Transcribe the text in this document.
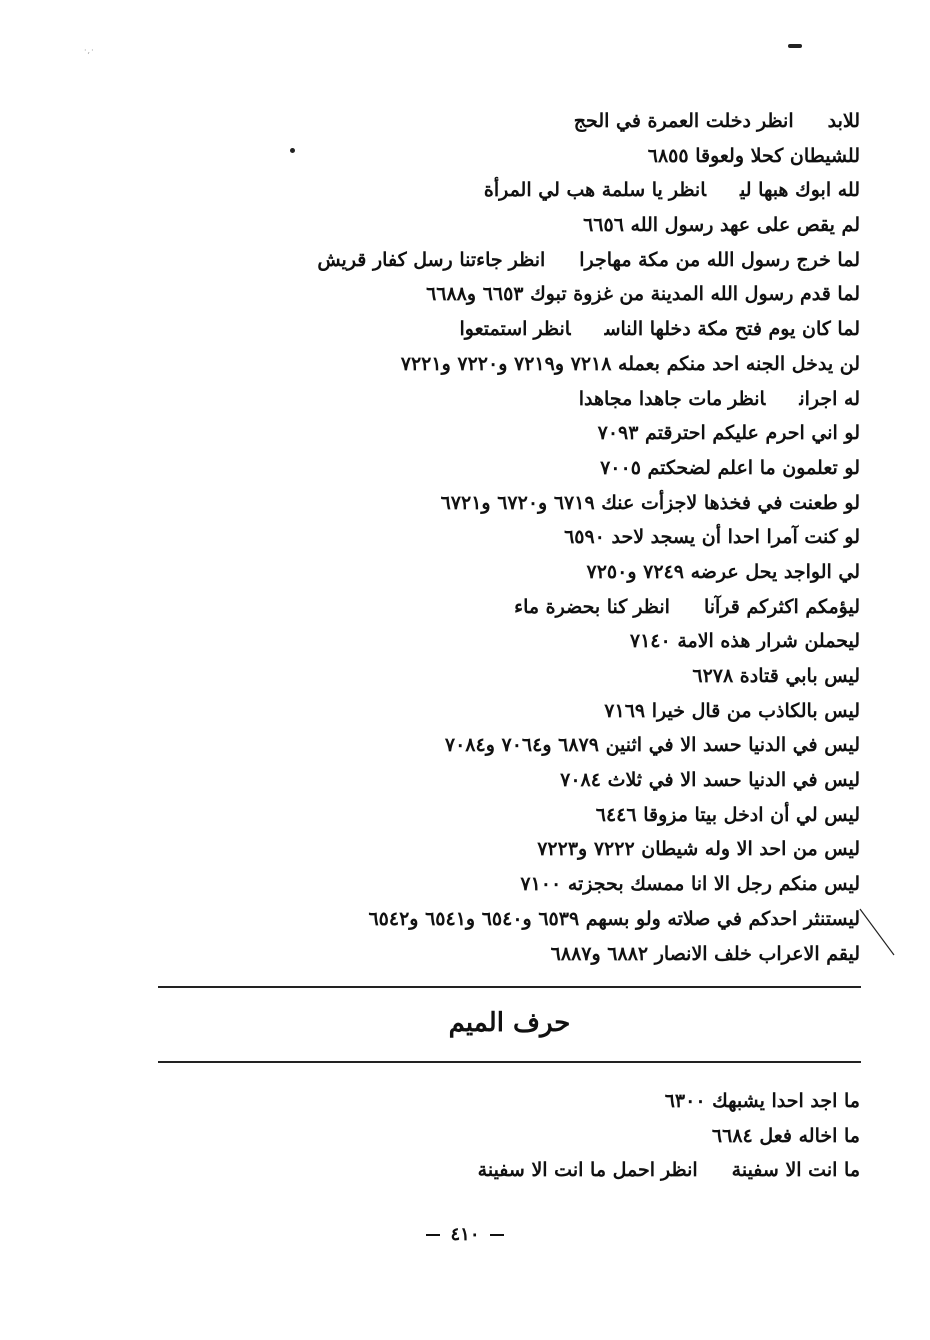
·,·
للابدانظردخلت العمرة في الحج
للشيطان كحلا ولعوقا ٦٨٥٥
لله ابوك هبها ليانظريا سلمة هب لي المرأة
لم يقص على عهد رسول الله ٦٦٥٦
لما خرج رسول الله من مكة مهاجراانظرجاءتنا رسل كفار قريش
لما قدم رسول الله المدينة من غزوة تبوك ٦٦٥٣ و٦٦٨٨
لما كان يوم فتح مكة دخلها الناسانظراستمتعوا
لن يدخل الجنه احد منكم بعمله ٧٢١٨ و٧٢١٩ و٧٢٢٠ و٧٢٢١
له اجرانانظرمات جاهدا مجاهدا
لو اني احرم عليكم احترقتم ٧٠٩٣
لو تعلمون ما اعلم لضحكتم ٧٠٠٥
لو طعنت في فخذها لاجزأت عنك ٦٧١٩ و٦٧٢٠ و٦٧٢١
لو كنت آمرا احدا أن يسجد لاحد ٦٥٩٠
لي الواجد يحل عرضه ٧٢٤٩ و٧٢٥٠
ليؤمكم اكثركم قرآناانظركنا بحضرة ماء
ليحملن شرار هذه الامة ٧١٤٠
ليس بابي قتادة ٦٢٧٨
ليس بالكاذب من قال خيرا ٧١٦٩
ليس في الدنيا حسد الا في اثنين ٦٨٧٩ و٧٠٦٤ و٧٠٨٤
ليس في الدنيا حسد الا في ثلاث ٧٠٨٤
ليس لي أن ادخل بيتا مزوقا ٦٤٤٦
ليس من احد الا وله شيطان ٧٢٢٢ و٧٢٢٣
ليس منكم رجل الا انا ممسك بحجزته ٧١٠٠
ليستنثر احدكم في صلاته ولو بسهم ٦٥٣٩ و٦٥٤٠ و٦٥٤١ و٦٥٤٢
ليقم الاعراب خلف الانصار ٦٨٨٢ و٦٨٨٧
حرف الميم
ما اجد احدا يشبهك ٦٣٠٠
ما اخاله فعل ٦٦٨٤
ما انت الا سفينةانظراحمل ما انت الا سفينة
٤١٠
